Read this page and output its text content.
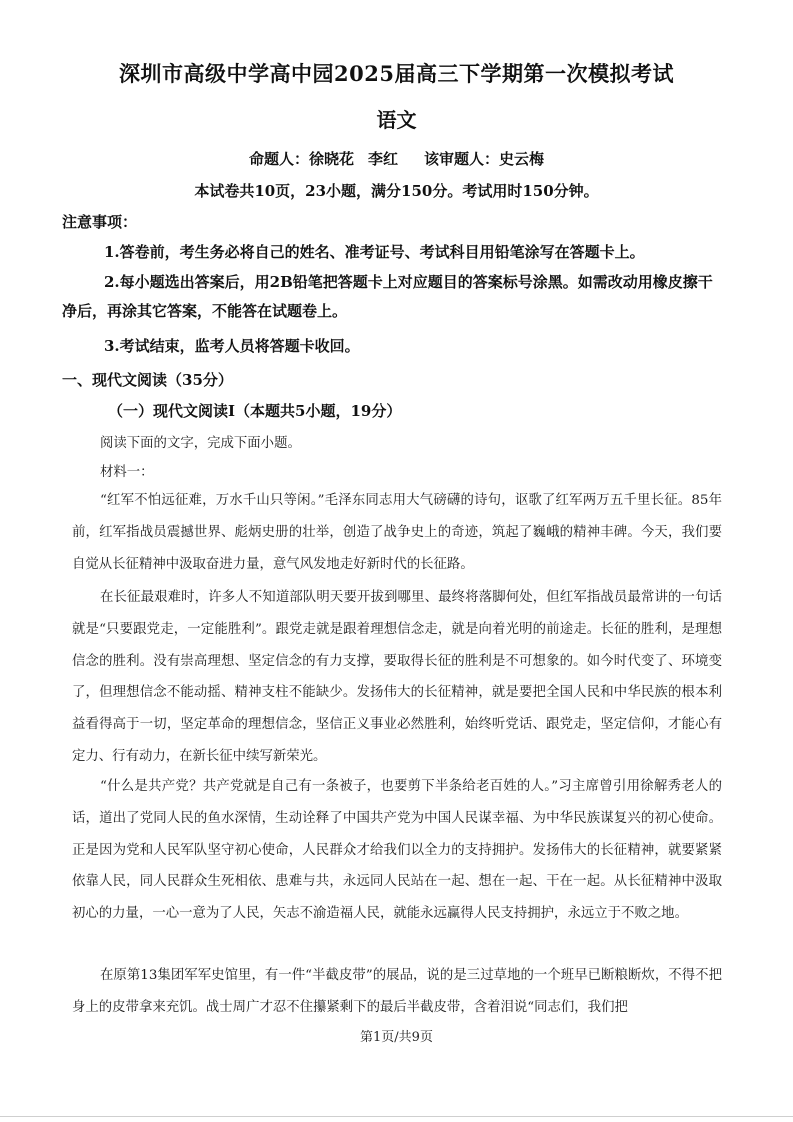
深圳市高级中学高中园2025届高三下学期第一次模拟考试
语文
命题人：徐晓花 李红 该审题人：史云梅
本试卷共10页，23小题，满分150分。考试用时150分钟。
注意事项：

1.答卷前，考生务必将自己的姓名、准考证号、考试科目用铅笔涂写在答题卡上。

2.每小题选出答案后，用2B铅笔把答题卡上对应题目的答案标号涂黑。如需改动用橡皮擦干净后，再涂其它答案，不能答在试题卷上。

3.考试结束，监考人员将答题卡收回。

一、现代文阅读（35分）
（一）现代文阅读Ⅰ（本题共5小题，19分）

阅读下面的文字，完成下面小题。

材料一：

“红军不怕远征难，万水千山只等闲。”毛泽东同志用大气磅礴的诗句，讴歌了红军两万五千里长征。85年前，红军指战员震撼世界、彪炳史册的壮举，创造了战争史上的奇迹，筑起了巍峨的精神丰碑。今天，我们要自觉从长征精神中汲取奋进力量，意气风发地走好新时代的长征路。

在长征最艰难时，许多人不知道部队明天要开拔到哪里、最终将落脚何处，但红军指战员最常讲的一句话就是“只要跟党走，一定能胜利”。跟党走就是跟着理想信念走，就是向着光明的前途走。长征的胜利，是理想信念的胜利。没有崇高理想、坚定信念的有力支撑，要取得长征的胜利是不可想象的。如今时代变了、环境变了，但理想信念不能动摇、精神支柱不能缺少。发扬伟大的长征精神，就是要把全国人民和中华民族的根本利益看得高于一切，坚定革命的理想信念，坚信正义事业必然胜利，始终听党话、跟党走，坚定信仰，才能心有定力、行有动力，在新长征中续写新荣光。

“什么是共产党？共产党就是自己有一条被子，也要剪下半条给老百姓的人。”习主席曾引用徐解秀老人的话，道出了党同人民的鱼水深情，生动诠释了中国共产党为中国人民谋幸福、为中华民族谋复兴的初心使命。正是因为党和人民军队坚守初心使命，人民群众才给我们以全力的支持拥护。发扬伟大的长征精神，就要紧紧依靠人民，同人民群众生死相依、患难与共，永远同人民站在一起、想在一起、干在一起。从长征精神中汲取初心的力量，一心一意为了人民，矢志不渝造福人民，就能永远赢得人民支持拥护，永远立于不败之地。

在原第13集团军军史馆里，有一件“半截皮带”的展品，说的是三过草地的一个班早已断粮断炊，不得不把身上的皮带拿来充饥。战士周广才忍不住攥紧剩下的最后半截皮带，含着泪说“同志们，我们把

第1页/共9页
